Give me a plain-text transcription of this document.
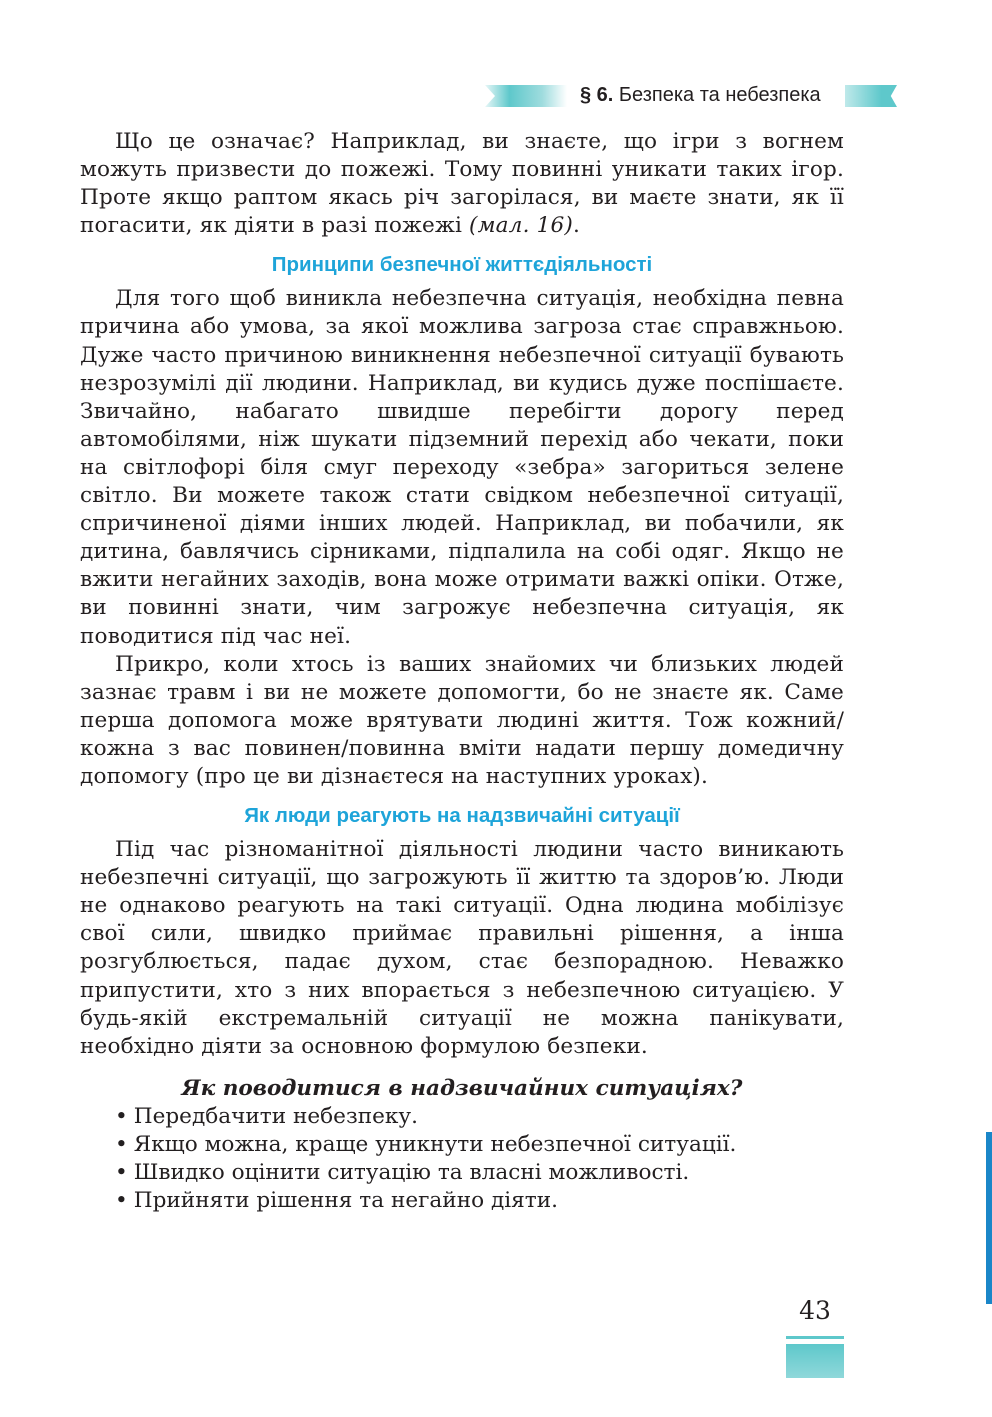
§ 6. Безпека та небезпека

Що це означає? Наприклад, ви знаєте, що ігри з вогнем можуть призвести до пожежі. Тому повинні уникати таких ігор. Проте якщо раптом якась річ загорілася, ви маєте знати, як її погасити, як діяти в разі пожежі (мал. 16).

Принципи безпечної життєдіяльності

Для того щоб виникла небезпечна ситуація, необхідна певна причина або умова, за якої можлива загроза стає справжньою. Дуже часто причиною виникнення небезпечної ситуації бувають незрозумілі дії людини. Наприклад, ви кудись дуже поспішаєте. Звичайно, набагато швидше перебігти дорогу перед автомобілями, ніж шукати підземний перехід або чекати, поки на світлофорі біля смуг переходу «зебра» загориться зелене світло. Ви можете також стати свідком небезпечної ситуації, спричиненої діями інших людей. Наприклад, ви побачили, як дитина, бавлячись сірниками, підпалила на собі одяг. Якщо не вжити негайних заходів, вона може отримати важкі опіки. Отже, ви повинні знати, чим загрожує небезпечна ситуація, як поводитися під час неї.

Прикро, коли хтось із ваших знайомих чи близьких людей зазнає травм і ви не можете допомогти, бо не знаєте як. Саме перша допомога може врятувати людині життя. Тож кожний/кожна з вас повинен/повинна вміти надати першу домедичну допомогу (про це ви дізнаєтеся на наступних уроках).

Як люди реагують на надзвичайні ситуації

Під час різноманітної діяльності людини часто виникають небезпечні ситуації, що загрожують її життю та здоров’ю. Люди не однаково реагують на такі ситуації. Одна людина мобілізує свої сили, швидко приймає правильні рішення, а інша розгублюється, падає духом, стає безпорадною. Неважко припустити, хто з них впорається з небезпечною ситуацією. У будь-якій екстремальній ситуації не можна панікувати, необхідно діяти за основною формулою безпеки.

Як поводитися в надзвичайних ситуаціях?
• Передбачити небезпеку.
• Якщо можна, краще уникнути небезпечної ситуації.
• Швидко оцінити ситуацію та власні можливості.
• Прийняти рішення та негайно діяти.
43
